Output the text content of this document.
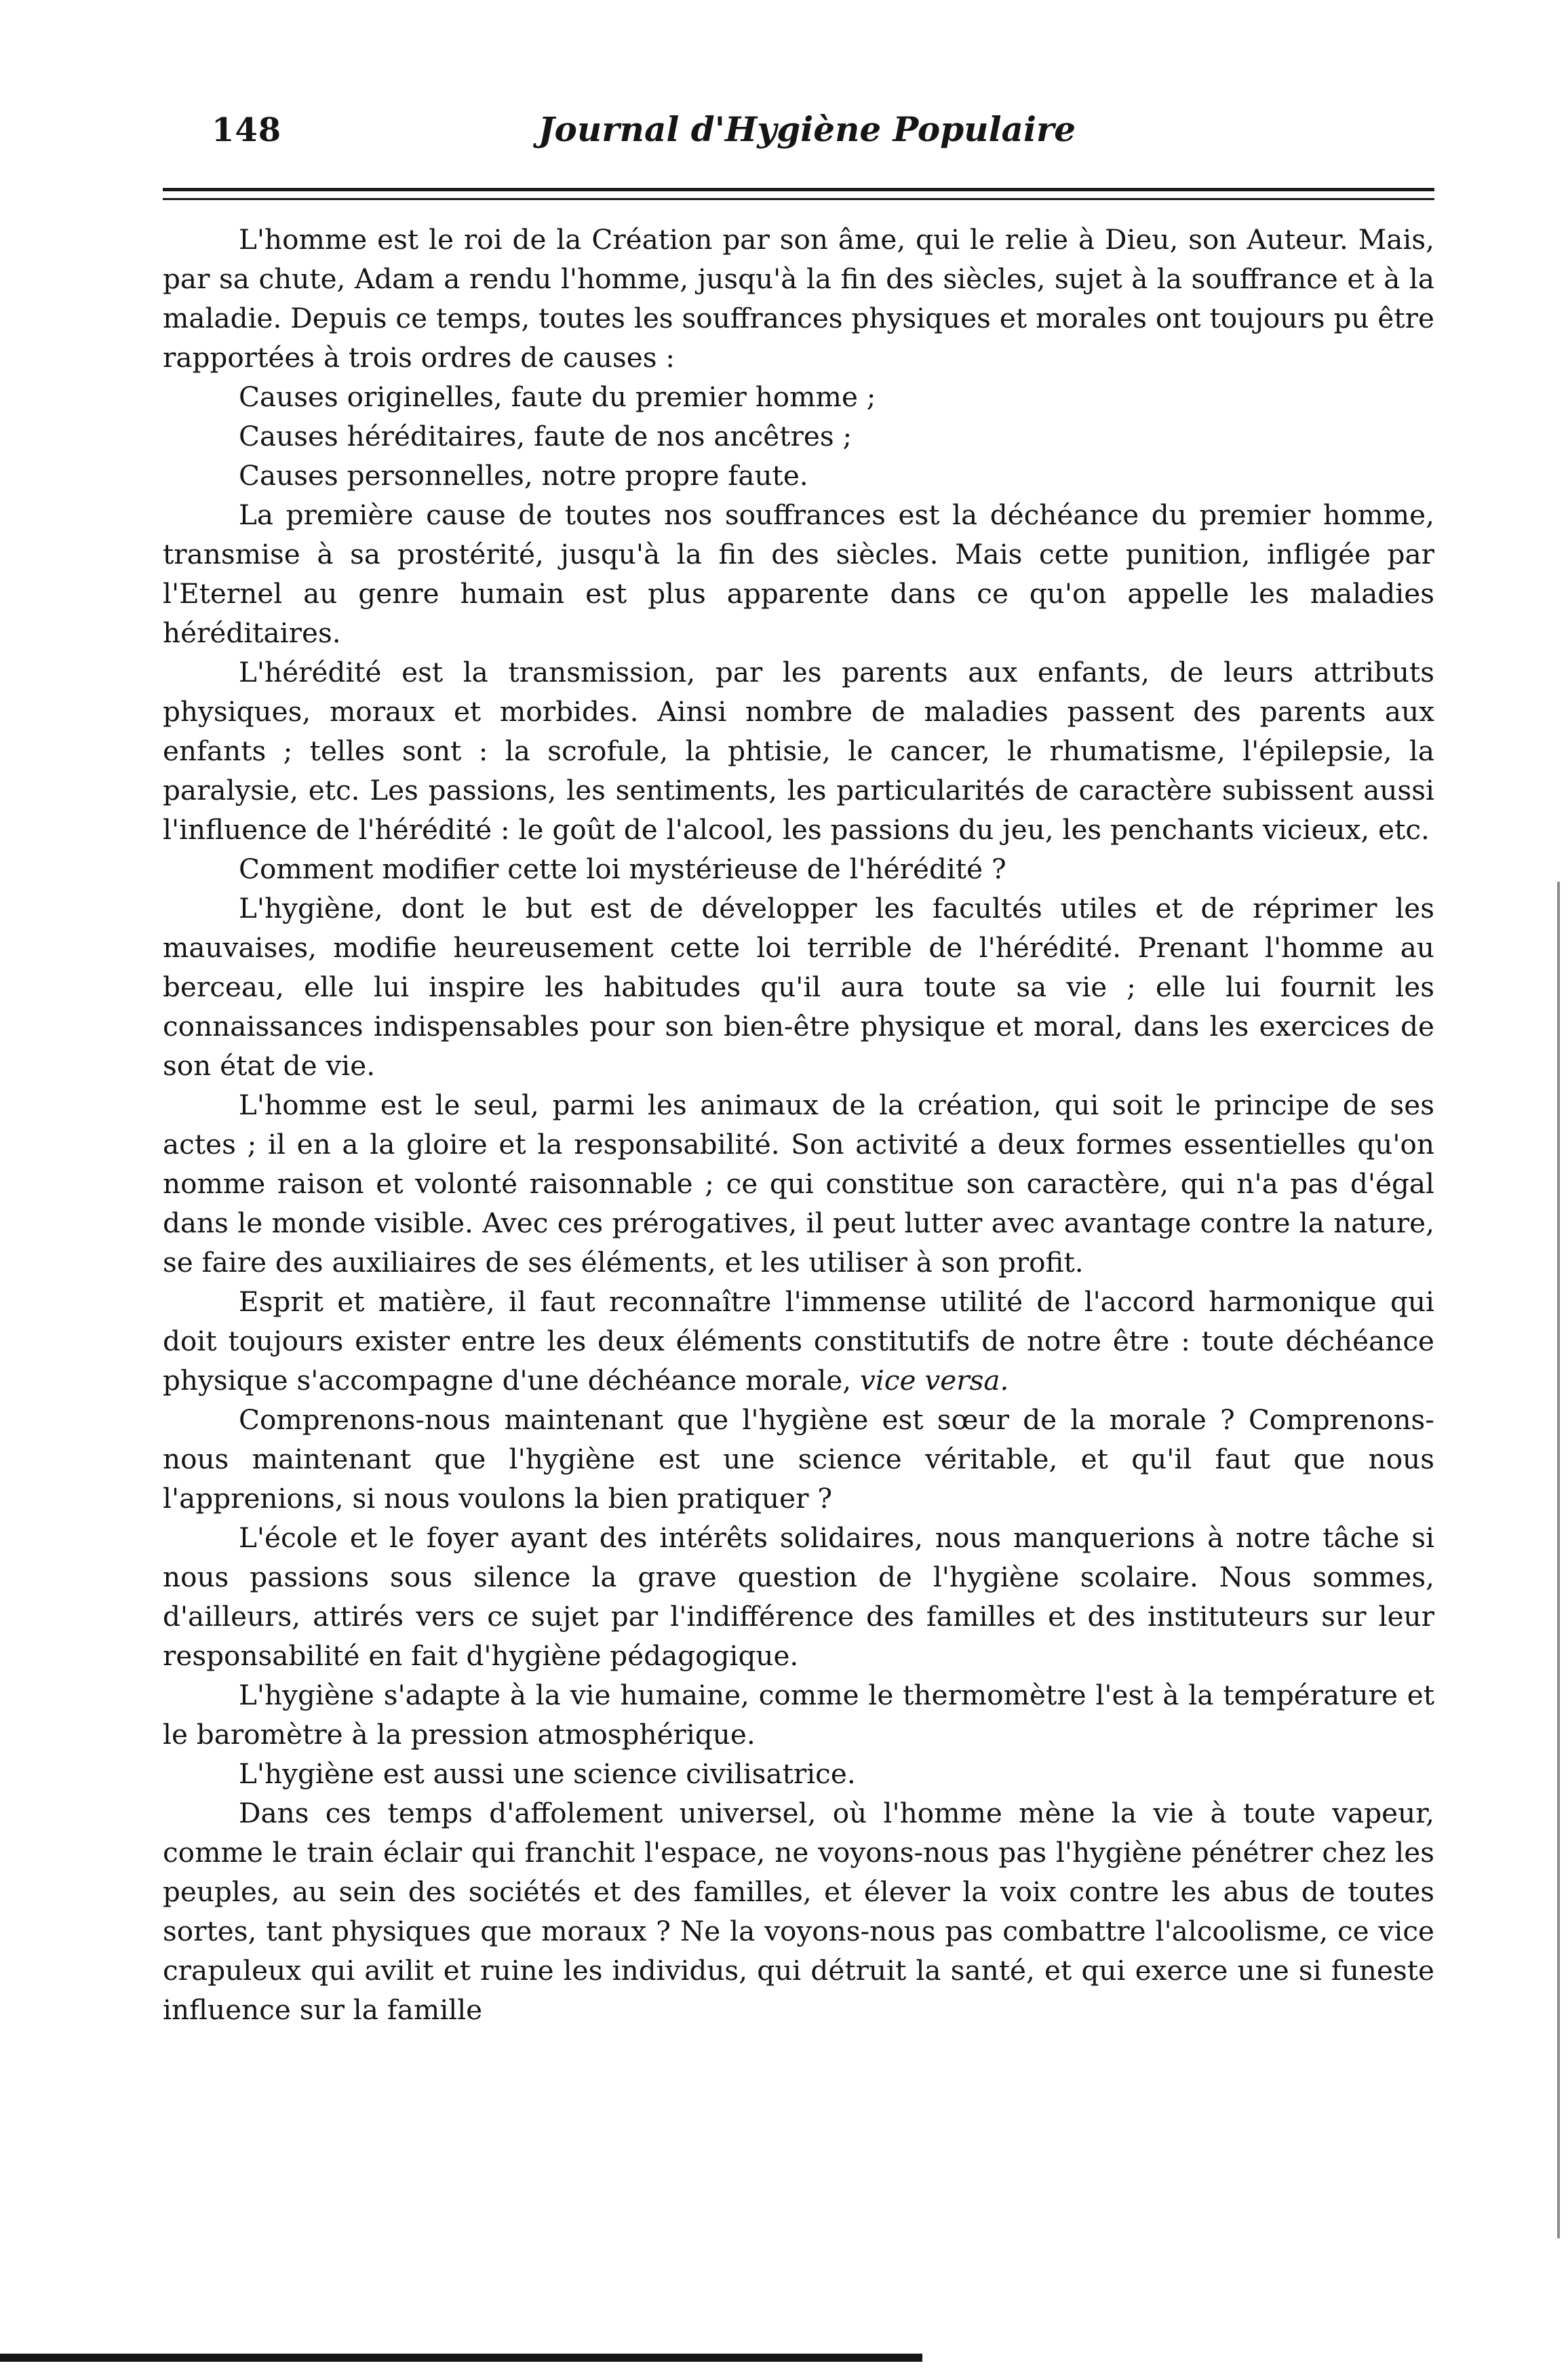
148	Journal d'Hygiène Populaire

L'homme est le roi de la Création par son âme, qui le relie à Dieu, son Auteur. Mais, par sa chute, Adam a rendu l'homme, jusqu'à la fin des siècles, sujet à la souffrance et à la maladie. Depuis ce temps, toutes les souffrances physiques et morales ont toujours pu être rapportées à trois ordres de causes :

Causes originelles, faute du premier homme ;

Causes héréditaires, faute de nos ancêtres ;

Causes personnelles, notre propre faute.

La première cause de toutes nos souffrances est la déchéance du premier homme, transmise à sa prostérité, jusqu'à la fin des siècles. Mais cette punition, infligée par l'Eternel au genre humain est plus apparente dans ce qu'on appelle les maladies héréditaires.

L'hérédité est la transmission, par les parents aux enfants, de leurs attributs physiques, moraux et morbides. Ainsi nombre de maladies passent des parents aux enfants ; telles sont : la scrofule, la phtisie, le cancer, le rhumatisme, l'épilepsie, la paralysie, etc. Les passions, les sentiments, les particularités de caractère subissent aussi l'influence de l'hérédité : le goût de l'alcool, les passions du jeu, les penchants vicieux, etc.

Comment modifier cette loi mystérieuse de l'hérédité ?

L'hygiène, dont le but est de développer les facultés utiles et de réprimer les mauvaises, modifie heureusement cette loi terrible de l'hérédité. Prenant l'homme au berceau, elle lui inspire les habitudes qu'il aura toute sa vie ; elle lui fournit les connaissances indispensables pour son bien-être physique et moral, dans les exercices de son état de vie.

L'homme est le seul, parmi les animaux de la création, qui soit le principe de ses actes ; il en a la gloire et la responsabilité. Son activité a deux formes essentielles qu'on nomme raison et volonté raisonnable ; ce qui constitue son caractère, qui n'a pas d'égal dans le monde visible. Avec ces prérogatives, il peut lutter avec avantage contre la nature, se faire des auxiliaires de ses éléments, et les utiliser à son profit.

Esprit et matière, il faut reconnaître l'immense utilité de l'accord harmonique qui doit toujours exister entre les deux éléments constitutifs de notre être : toute déchéance physique s'accompagne d'une déchéance morale, vice versa.

Comprenons-nous maintenant que l'hygiène est sœur de la morale ? Comprenons-nous maintenant que l'hygiène est une science véritable, et qu'il faut que nous l'apprenions, si nous voulons la bien pratiquer ?

L'école et le foyer ayant des intérêts solidaires, nous manquerions à notre tâche si nous passions sous silence la grave question de l'hygiène scolaire. Nous sommes, d'ailleurs, attirés vers ce sujet par l'indifférence des familles et des instituteurs sur leur responsabilité en fait d'hygiène pédagogique.

L'hygiène s'adapte à la vie humaine, comme le thermomètre l'est à la température et le baromètre à la pression atmosphérique.

L'hygiène est aussi une science civilisatrice.

Dans ces temps d'affolement universel, où l'homme mène la vie à toute vapeur, comme le train éclair qui franchit l'espace, ne voyons-nous pas l'hygiène pénétrer chez les peuples, au sein des sociétés et des familles, et élever la voix contre les abus de toutes sortes, tant physiques que moraux ? Ne la voyons-nous pas combattre l'alcoolisme, ce vice crapuleux qui avilit et ruine les individus, qui détruit la santé, et qui exerce une si funeste influence sur la famille
